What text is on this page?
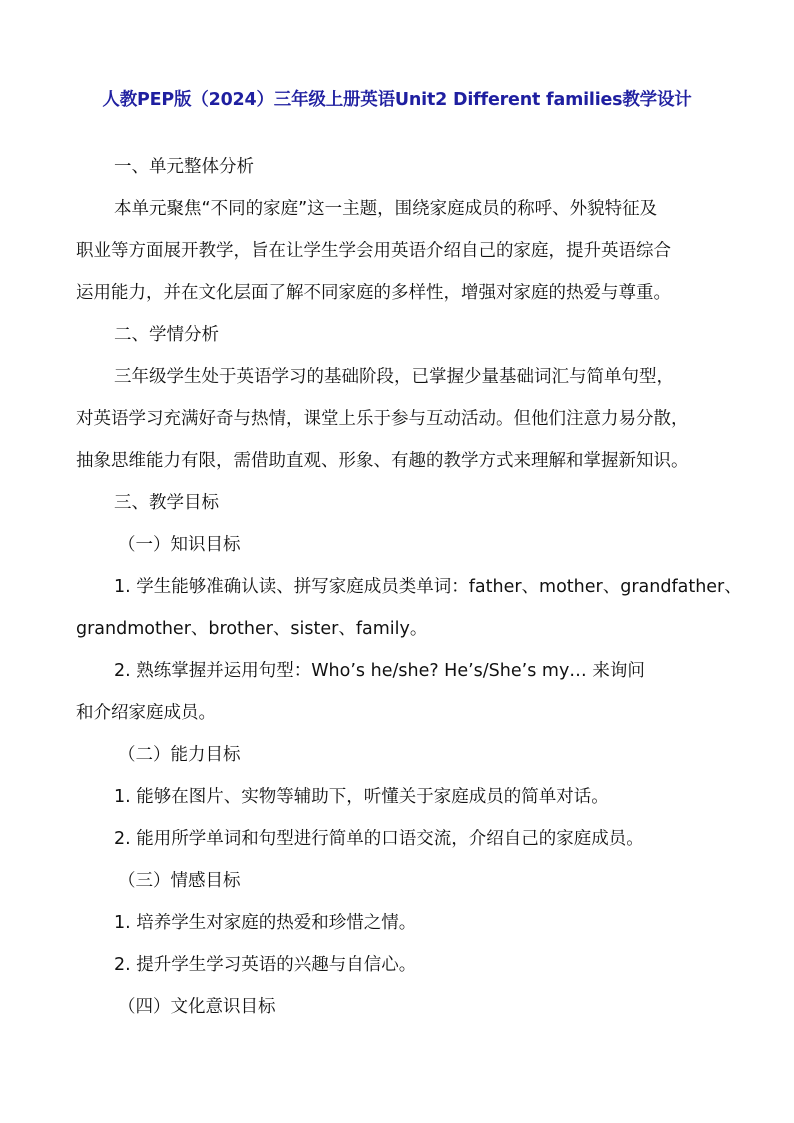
人教PEP版（2024）三年级上册英语Unit2 Different families教学设计

一、单元整体分析

本单元聚焦“不同的家庭”这一主题，围绕家庭成员的称呼、外貌特征及
职业等方面展开教学，旨在让学生学会用英语介绍自己的家庭，提升英语综合
运用能力，并在文化层面了解不同家庭的多样性，增强对家庭的热爱与尊重。

二、学情分析

三年级学生处于英语学习的基础阶段，已掌握少量基础词汇与简单句型，
对英语学习充满好奇与热情，课堂上乐于参与互动活动。但他们注意力易分散，
抽象思维能力有限，需借助直观、形象、有趣的教学方式来理解和掌握新知识。

三、教学目标

（一）知识目标

1. 学生能够准确认读、拼写家庭成员类单词：father、mother、grandfather、
grandmother、brother、sister、family。

2. 熟练掌握并运用句型：Who’s he/she? He’s/She’s my… 来询问
和介绍家庭成员。

（二）能力目标

1. 能够在图片、实物等辅助下，听懂关于家庭成员的简单对话。

2. 能用所学单词和句型进行简单的口语交流，介绍自己的家庭成员。

（三）情感目标

1. 培养学生对家庭的热爱和珍惜之情。

2. 提升学生学习英语的兴趣与自信心。

（四）文化意识目标
